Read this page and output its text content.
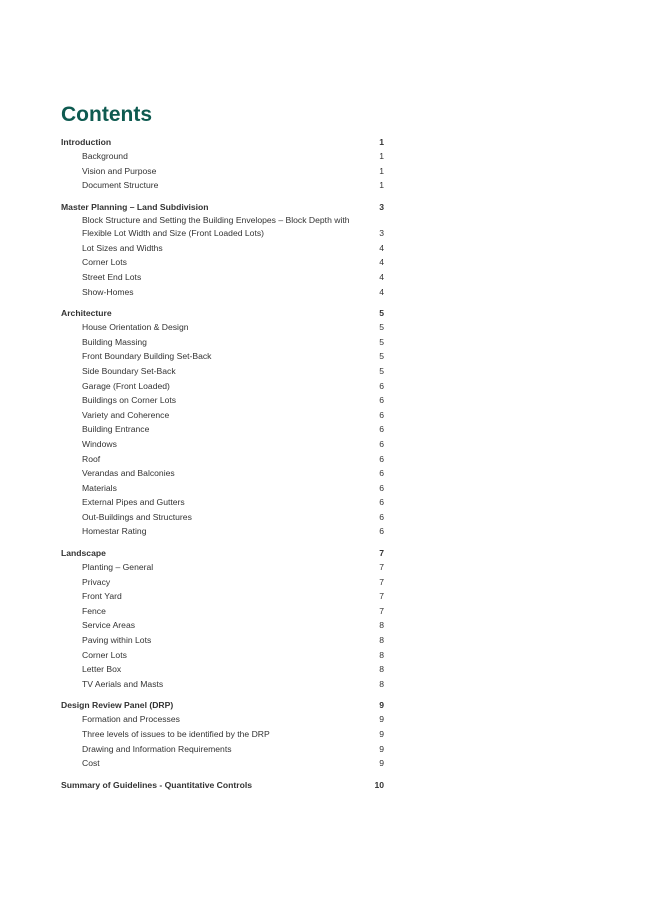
Contents
Introduction	1
Background	1
Vision and Purpose	1
Document Structure	1
Master Planning – Land Subdivision	3
Block Structure and Setting the Building Envelopes – Block Depth with Flexible Lot Width and Size (Front Loaded Lots)	3
Lot Sizes and Widths	4
Corner Lots	4
Street End Lots	4
Show-Homes	4
Architecture	5
House Orientation & Design	5
Building Massing	5
Front Boundary Building Set-Back	5
Side Boundary Set-Back	5
Garage (Front Loaded)	6
Buildings on Corner Lots	6
Variety and Coherence	6
Building Entrance	6
Windows	6
Roof	6
Verandas and Balconies	6
Materials	6
External Pipes and Gutters	6
Out-Buildings and Structures	6
Homestar Rating	6
Landscape	7
Planting – General	7
Privacy	7
Front Yard	7
Fence	7
Service Areas	8
Paving within Lots	8
Corner Lots	8
Letter Box	8
TV Aerials and Masts	8
Design Review Panel (DRP)	9
Formation and Processes	9
Three levels of issues to be identified by the DRP	9
Drawing and Information Requirements	9
Cost	9
Summary of Guidelines - Quantitative Controls	10
